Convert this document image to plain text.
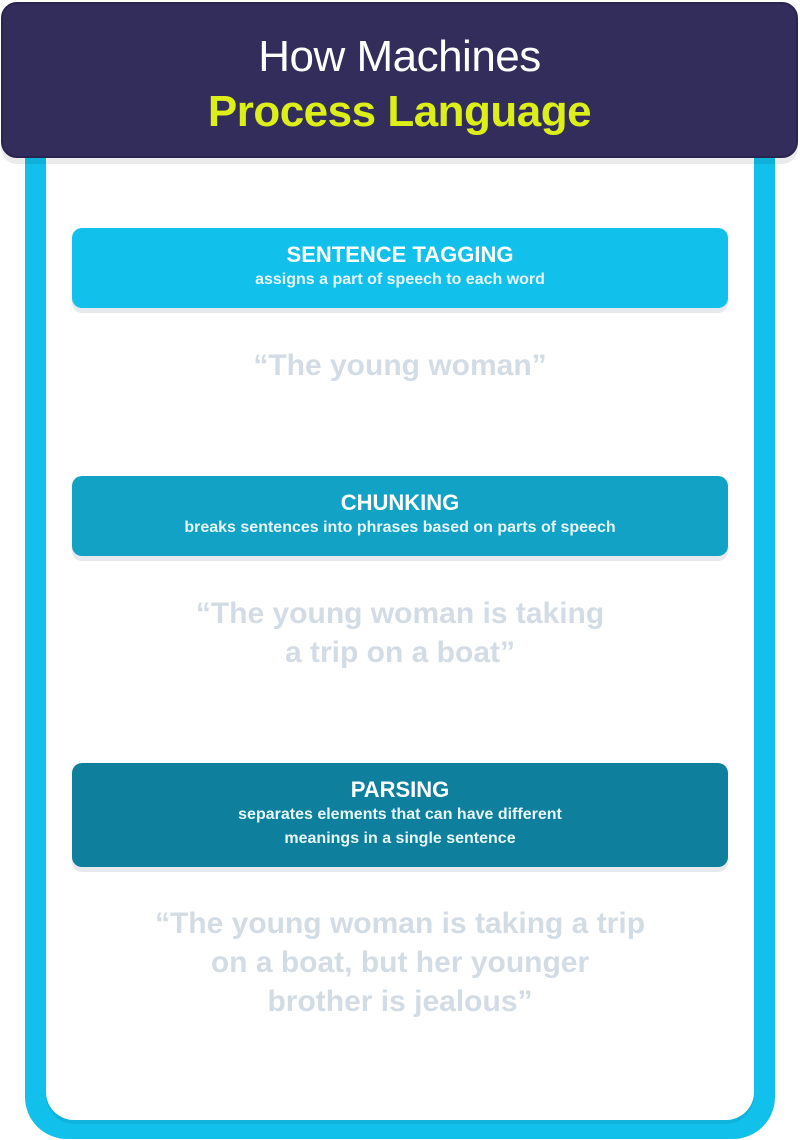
How Machines
Process Language
SENTENCE TAGGING
assigns a part of speech to each word
“The young woman”
CHUNKING
breaks sentences into phrases based on parts of speech
“The young woman is taking
a trip on a boat”
PARSING
separates elements that can have different
meanings in a single sentence
“The young woman is taking a trip
on a boat, but her younger
brother is jealous”
